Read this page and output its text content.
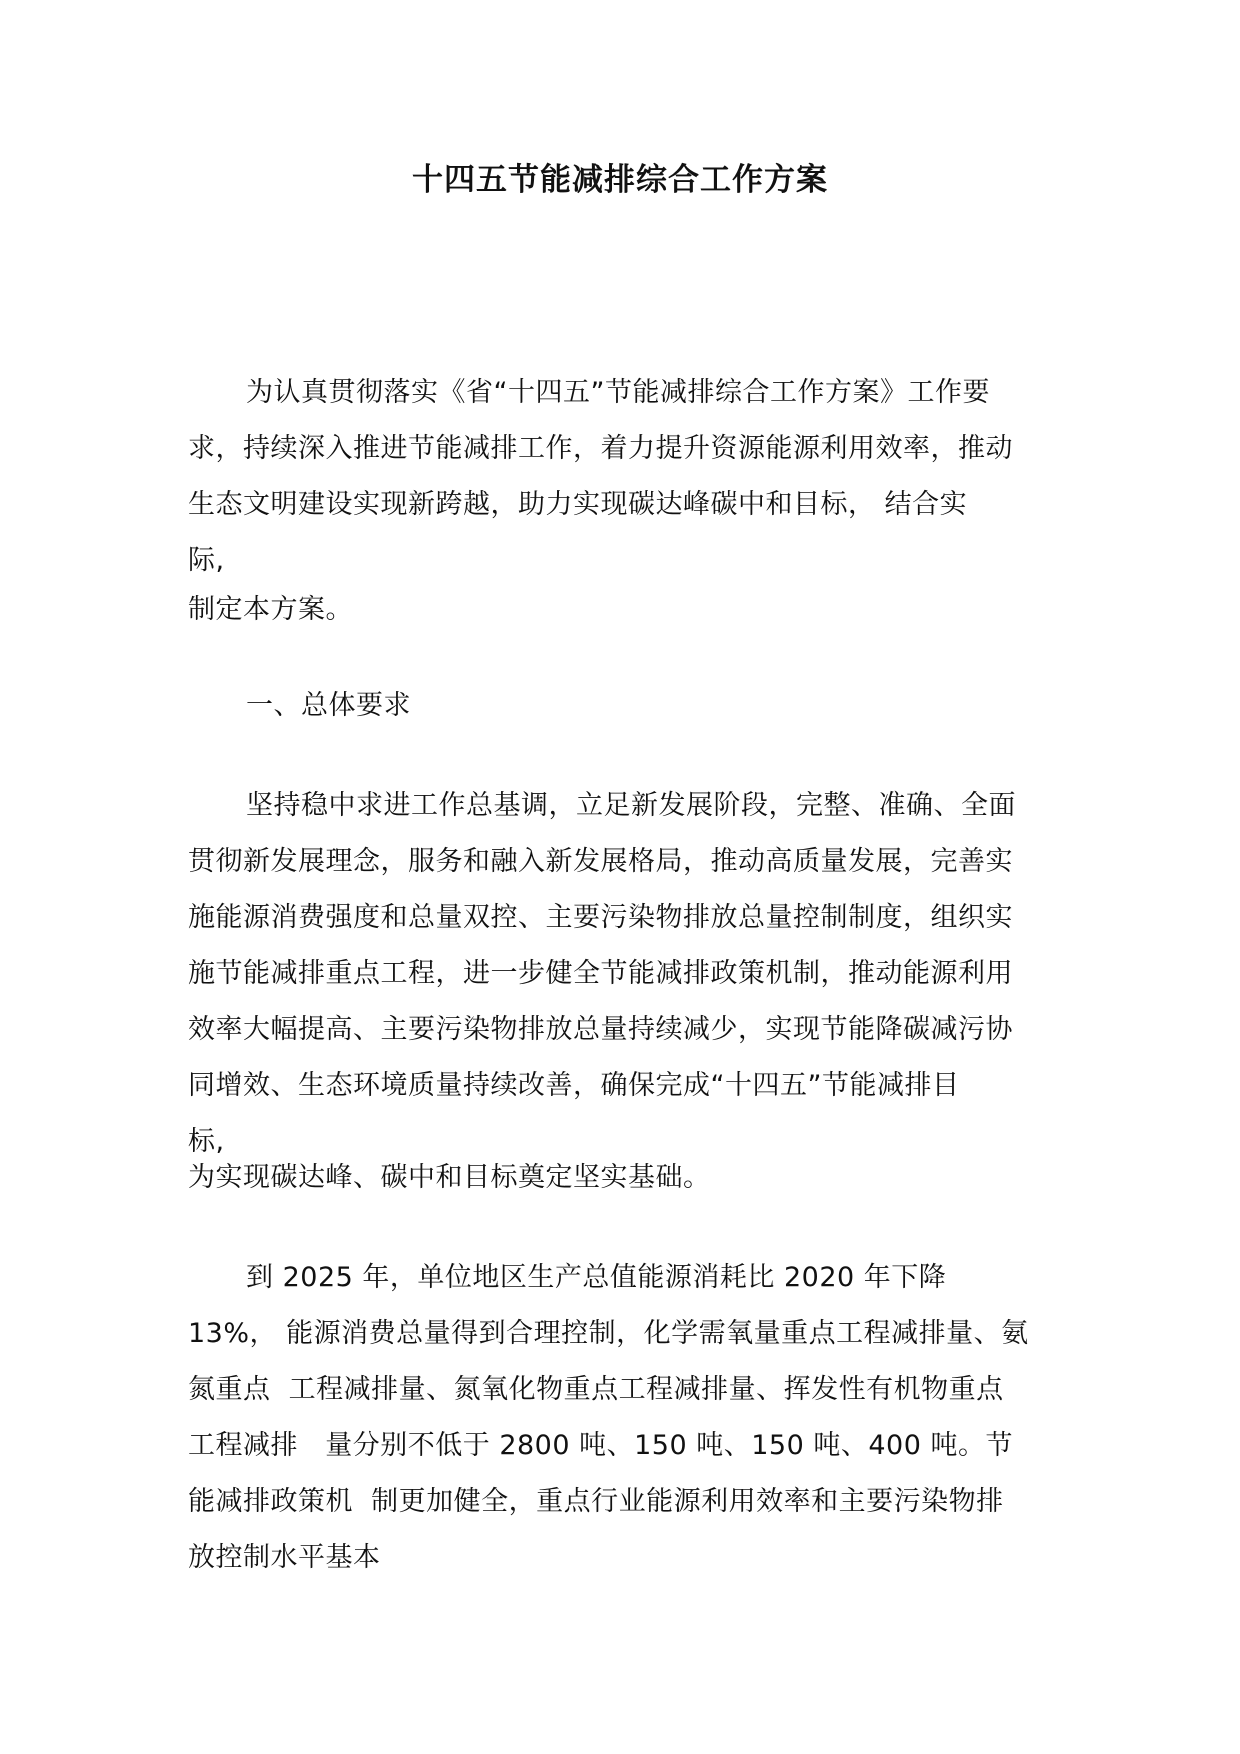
十四五节能减排综合工作方案
为认真贯彻落实《省“十四五”节能减排综合工作方案》工作要
求，持续深入推进节能减排工作，着力提升资源能源利用效率，推动
生态文明建设实现新跨越，助力实现碳达峰碳中和目标， 结合实
际,
制定本方案。
一、总体要求
坚持稳中求进工作总基调，立足新发展阶段，完整、准确、全面
贯彻新发展理念，服务和融入新发展格局，推动高质量发展，完善实
施能源消费强度和总量双控、主要污染物排放总量控制制度，组织实
施节能减排重点工程，进一步健全节能减排政策机制，推动能源利用
效率大幅提高、主要污染物排放总量持续减少，实现节能降碳减污协
同增效、生态环境质量持续改善，确保完成“十四五”节能减排目
标,
为实现碳达峰、碳中和目标奠定坚实基础。
到 2025 年，单位地区生产总值能源消耗比 2020 年下降
13%， 能源消费总量得到合理控制，化学需氧量重点工程减排量、氨
氮重点  工程减排量、氮氧化物重点工程减排量、挥发性有机物重点
工程减排   量分别不低于 2800 吨、150 吨、150 吨、400 吨。节
能减排政策机  制更加健全，重点行业能源利用效率和主要污染物排
放控制水平基本
